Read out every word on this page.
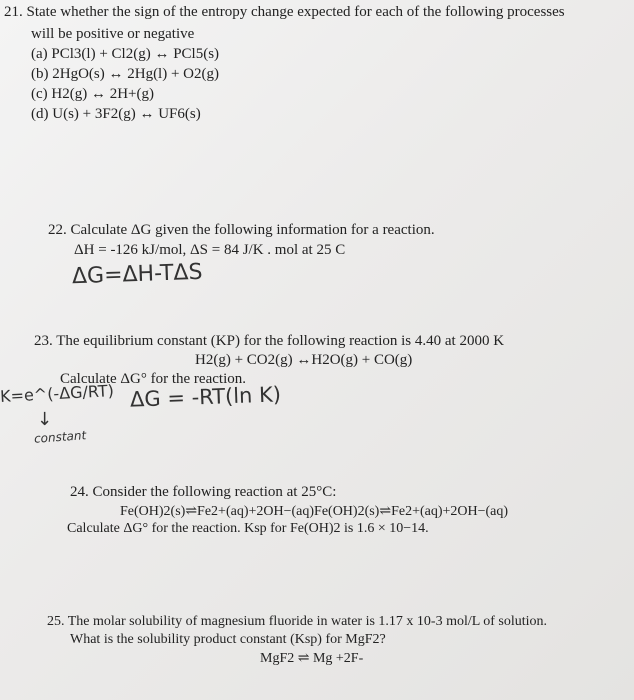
21. State whether the sign of the entropy change expected for each of the following processes
will be positive or negative
(a) PCl3(l) + Cl2(g) ↔ PCl5(s)
(b) 2HgO(s) ↔ 2Hg(l) + O2(g)
(c) H2(g) ↔ 2H+(g)
(d) U(s) + 3F2(g) ↔ UF6(s)
22. Calculate ΔG given the following information for a reaction.
ΔH = -126 kJ/mol, ΔS = 84 J/K . mol at 25 C
ΔG=ΔH-TΔS
23. The equilibrium constant (KP) for the following reaction is 4.40 at 2000 K
H2(g) + CO2(g) ↔H2O(g) + CO(g)
Calculate ΔG° for the reaction.
K=e^(-ΔG/RT) ΔG = -RT(ln K)
↓
constant
24. Consider the following reaction at 25°C:
Fe(OH)2(s)⇌Fe2+(aq)+2OH−(aq)Fe(OH)2(s)⇌Fe2+(aq)+2OH−(aq)
Calculate ΔG° for the reaction. Ksp for Fe(OH)2 is 1.6 × 10−14.
25. The molar solubility of magnesium fluoride in water is 1.17 x 10-3 mol/L of solution.
What is the solubility product constant (Ksp) for MgF2?
MgF2 ⇌ Mg +2F-
